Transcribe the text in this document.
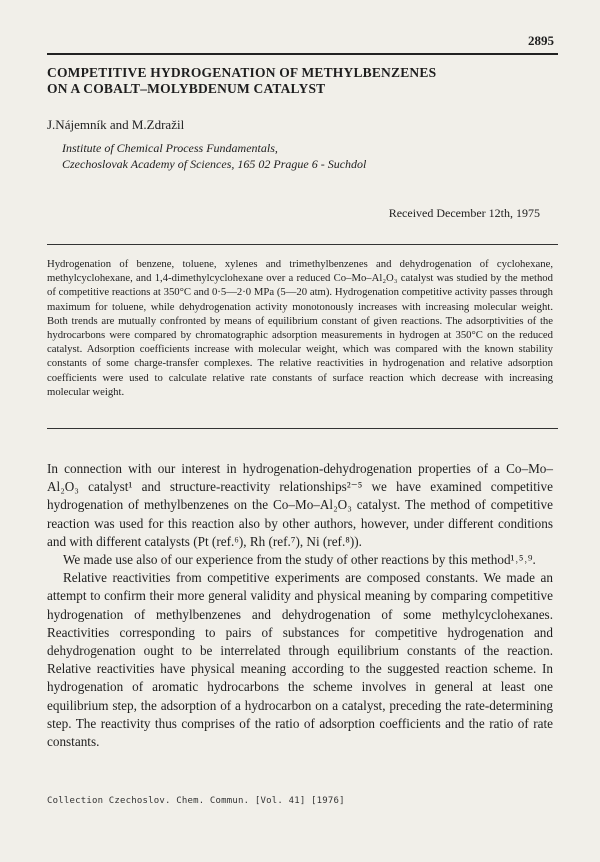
2895
COMPETITIVE HYDROGENATION OF METHYLBENZENES
ON A COBALT–MOLYBDENUM CATALYST

J.Nájemník and M.Zdražil

Institute of Chemical Process Fundamentals,
Czechoslovak Academy of Sciences, 165 02 Prague 6 - Suchdol
Received December 12th, 1975

Hydrogenation of benzene, toluene, xylenes and trimethylbenzenes and dehydrogenation of cyclohexane, methylcyclohexane, and 1,4-dimethylcyclohexane over a reduced Co–Mo–Al₂O₃ catalyst was studied by the method of competitive reactions at 350°C and 0·5—2·0 MPa (5—20 atm). Hydrogenation competitive activity passes through maximum for toluene, while dehydrogenation activity monotonously increases with increasing molecular weight. Both trends are mutually confronted by means of equilibrium constant of given reactions. The adsorptivities of the hydrocarbons were compared by chromatographic adsorption measurements in hydrogen at 350°C on the reduced catalyst. Adsorption coefficients increase with molecular weight, which was compared with the known stability constants of some charge-transfer complexes. The relative reactivities in hydrogenation and relative adsorption coefficients were used to calculate relative rate constants of surface reaction which decrease with increasing molecular weight.

In connection with our interest in hydrogenation-dehydrogenation properties of a Co–Mo–Al₂O₃ catalyst¹ and structure-reactivity relationships²⁻⁵ we have examined competitive hydrogenation of methylbenzenes on the Co–Mo–Al₂O₃ catalyst. The method of competitive reaction was used for this reaction also by other authors, however, under different conditions and with different catalysts (Pt (ref.⁶), Rh (ref.⁷), Ni (ref.⁸)).

We made use also of our experience from the study of other reactions by this method¹˒⁵˒⁹.

Relative reactivities from competitive experiments are composed constants. We made an attempt to confirm their more general validity and physical meaning by comparing competitive hydrogenation of methylbenzenes and dehydrogenation of some methylcyclohexanes. Reactivities corresponding to pairs of substances for competitive hydrogenation and dehydrogenation ought to be interrelated through equilibrium constants of the reaction. Relative reactivities have physical meaning according to the suggested reaction scheme. In hydrogenation of aromatic hydrocarbons the scheme involves in general at least one equilibrium step, the adsorption of a hydrocarbon on a catalyst, preceding the rate-determining step. The reactivity thus comprises of the ratio of adsorption coefficients and the ratio of rate constants.

Collection Czechoslov. Chem. Commun. [Vol. 41] [1976]
